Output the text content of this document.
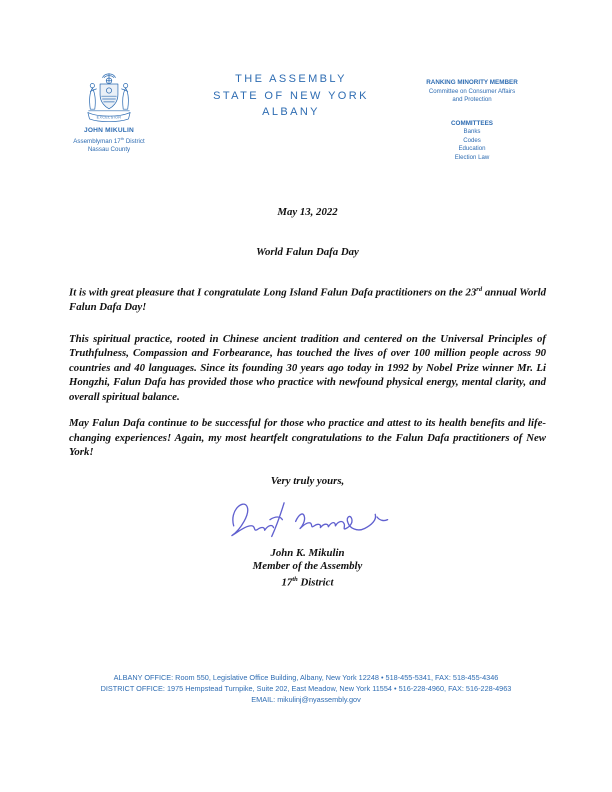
EXCELSIOR
JOHN MIKULIN
Assemblyman 17th District
Nassau County
THE ASSEMBLY
STATE OF NEW YORK
ALBANY
RANKING MINORITY MEMBER
Committee on Consumer Affairs
and Protection
COMMITTEES
Banks
Codes
Education
Election Law
May 13, 2022
World Falun Dafa Day

It is with great pleasure that I congratulate Long Island Falun Dafa practitioners on the 23rd annual World Falun Dafa Day!

This spiritual practice, rooted in Chinese ancient tradition and centered on the Universal Principles of Truthfulness, Compassion and Forbearance, has touched the lives of over 100 million people across 90 countries and 40 languages. Since its founding 30 years ago today in 1992 by Nobel Prize winner Mr. Li Hongzhi, Falun Dafa has provided those who practice with newfound physical energy, mental clarity, and overall spiritual balance.

May Falun Dafa continue to be successful for those who practice and attest to its health benefits and life-changing experiences! Again, my most heartfelt congratulations to the Falun Dafa practitioners of New York!

Very truly yours,
John K. Mikulin
Member of the Assembly
17th District
ALBANY OFFICE: Room 550, Legislative Office Building, Albany, New York 12248 • 518-455-5341, FAX: 518-455-4346
DISTRICT OFFICE: 1975 Hempstead Turnpike, Suite 202, East Meadow, New York 11554 • 516-228-4960, FAX: 516-228-4963
EMAIL: mikulinj@nyassembly.gov
